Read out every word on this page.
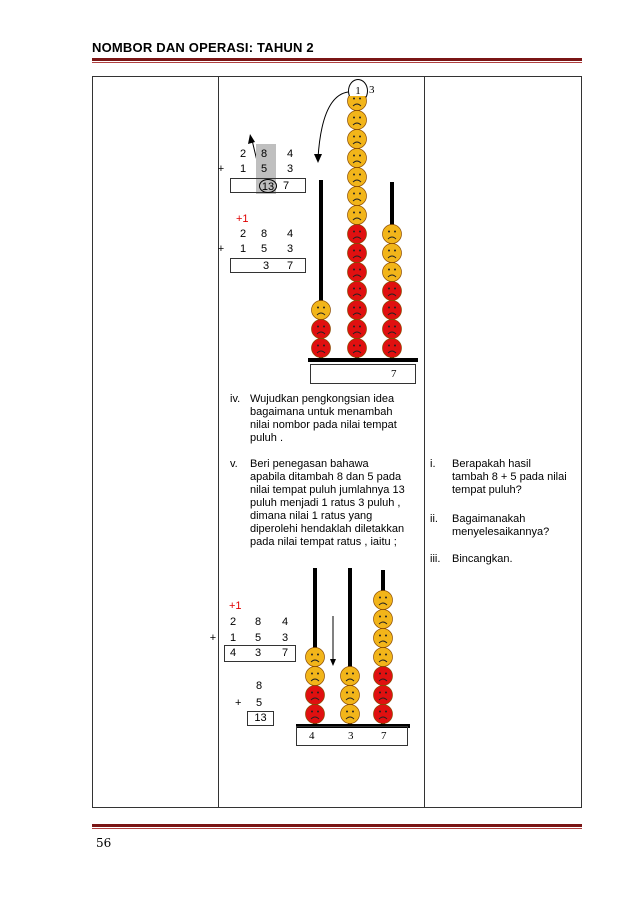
NOMBOR DAN OPERASI: TAHUN 2
1 3
2	8	4
+	1	5	3
13 7
+1
2	8	4
+	1	5	3
3	7
7
iv. Wujudkan pengkongsian idea
bagaimana untuk menambah
nilai nombor pada nilai tempat
puluh .
v. Beri penegasan bahawa
apabila ditambah 8 dan 5 pada
nilai tempat puluh jumlahnya 13
puluh menjadi 1 ratus 3 puluh ,
dimana nilai 1 ratus yang
diperolehi hendaklah diletakkan
pada nilai tempat ratus , iaitu ;
i. Berapakah hasil
tambah 8 + 5 pada nilai
tempat puluh?
ii. Bagaimanakah
menyelesaikannya?
iii. Bincangkan.
+1
2	8	4
+	1	5	3
4	3	7
8
+ 5
13
4	3	7
56
